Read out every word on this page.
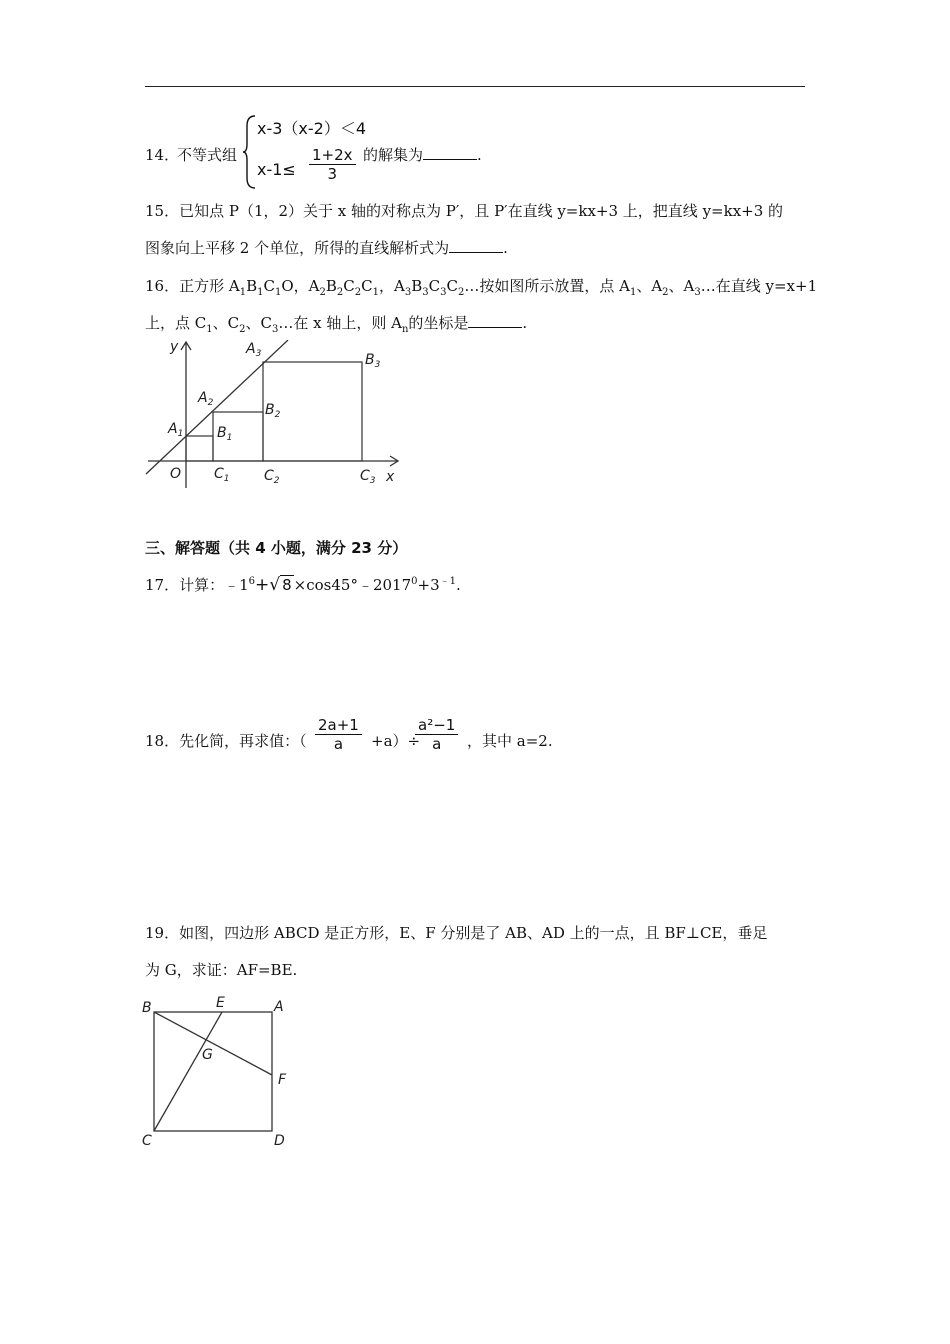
14．
不等式组
x-3（x-2）＜4
$x-1\le \frac{1+2x}{3}$ 的解集为	.
15．已知点 P（1，2）关于 x 轴的对称点为 P′，且 P′在直线 y=kx+3 上，把直线 y=kx+3 的
图象向上平移 2 个单位，所得的直线解析式为	.
16．正方形 $A_1B_1C_1O$，$A_2B_2C_2C_1$，$A_3B_3C_3C_2\dots$按如图所示放置，点 $A_1$、$A_2$、$A_3\dots$在直线 y=x+1
上，点 $C_1$、$C_2$、$C_3\dots$在 x 轴上，则 $A_n$的坐标是	.
y
x
O
$A_1$
$A_2$
$A_3$
$B_1$
$B_2$
$B_3$
$C_1$ $C_2$	$C_3$
三、解答题（共 4 小题，满分 23 分）
17．计算：$﹣1^6+√$ $8 \times\cos 45^\circ﹣2017^0+3^{﹣1}$.
18．先化简，再求值：（ $\frac{2a+1}{a} +a)\div$
$\frac{\text{a²−1}}{a}$ ，其中 a=2.
19．如图，四边形 ABCD 是正方形，E、F 分别是了 AB、AD 上的一点，且 BF⊥CE，垂足
为 G，求证：AF=BE.
B	E	A
G
F
C	D
